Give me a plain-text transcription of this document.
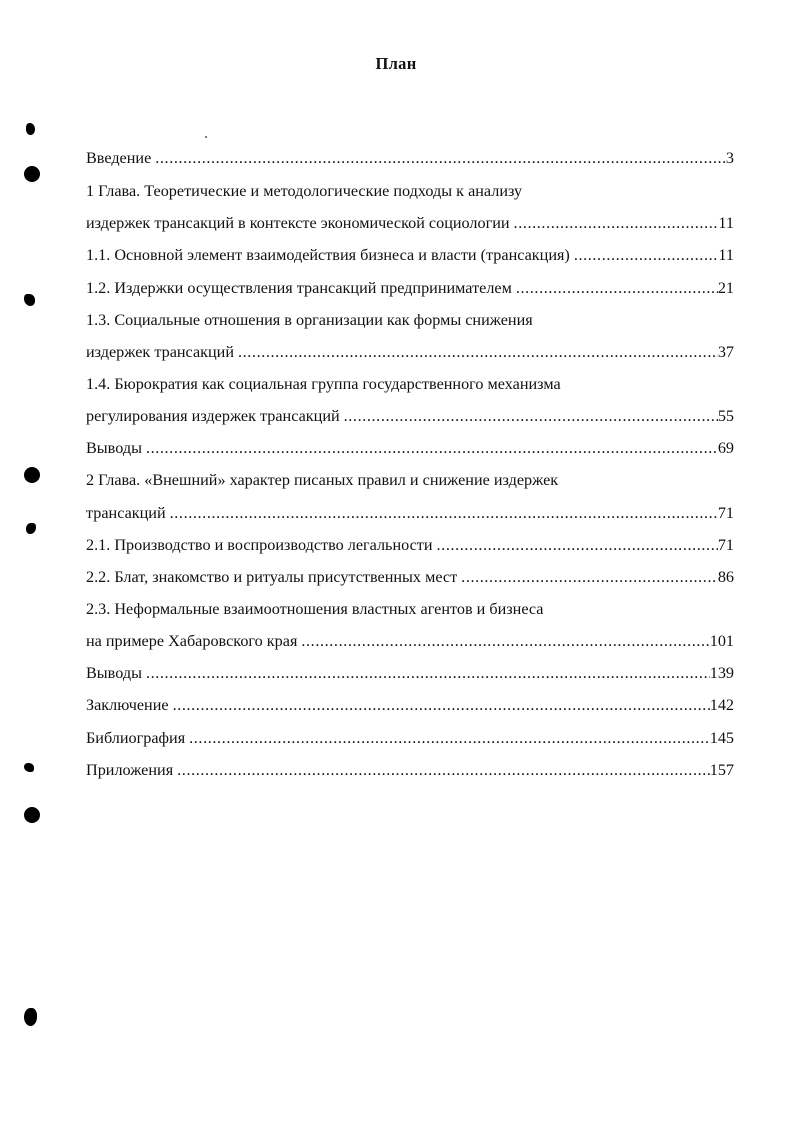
План
Введение .....	3
1 Глава. Теоретические и методологические подходы к анализу
издержек трансакций в контексте экономической социологии .....	11
1.1. Основной элемент взаимодействия бизнеса и власти (трансакция) .....	11
1.2. Издержки осуществления трансакций предпринимателем .....	21
1.3. Социальные отношения в организации как формы снижения
издержек трансакций .....	37
1.4. Бюрократия как социальная группа государственного механизма
регулирования издержек трансакций .....	55
Выводы .....	69
2 Глава. «Внешний» характер писаных правил и снижение издержек
трансакций .....	71
2.1. Производство и воспроизводство легальности .....	71
2.2. Блат, знакомство и ритуалы присутственных мест .....	86
2.3. Неформальные взаимоотношения властных агентов и бизнеса
на примере Хабаровского края .....	101
Выводы .....	139
Заключение .....	142
Библиография .....	145
Приложения .....	157
